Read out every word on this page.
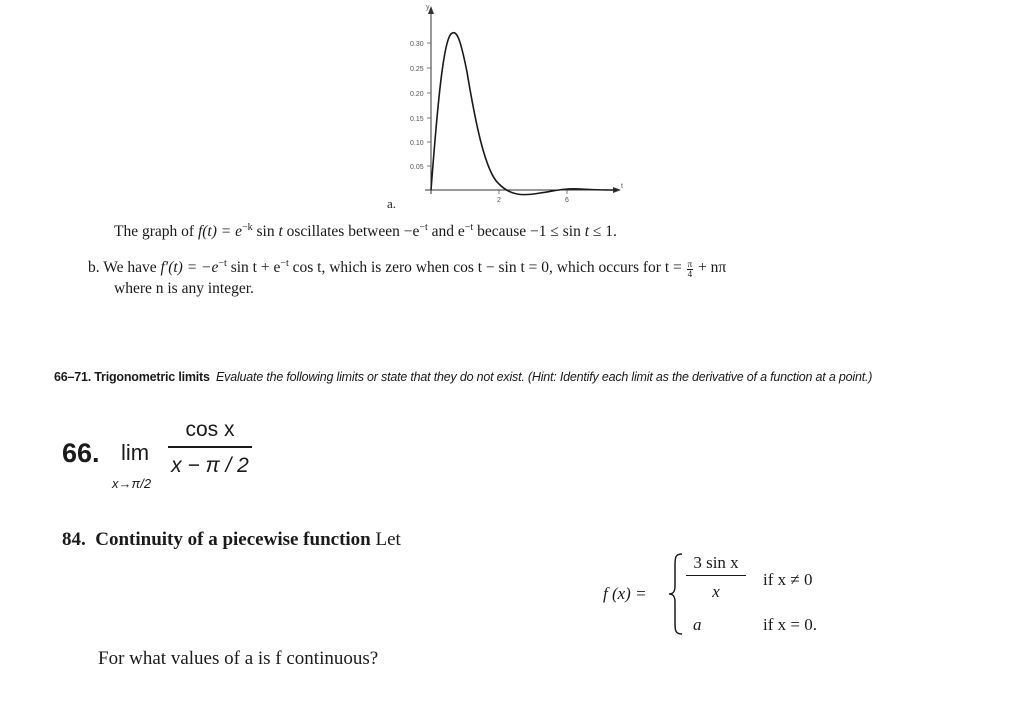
y
t
0.30
0.25
0.20
0.15
0.10
0.05
2	6
a.
The graph of $f(t) = e^{-k}$ sin t oscillates between $-e^{-t}$ and $e^{-t}$ because −1 ≤ sin t ≤ 1.
b. We have $f'(t) = -e^{-t}$ $\sin t + e^{-t}$ cos t, which is zero when cos t − sin t = 0, which occurs for $t = \frac{\pi}{4} + n\pi$
where n is any integer.
66–71. Trigonometric limits Evaluate the following limits or state that they do not exist. (Hint: Identify each limit as the derivative of a function at a point.)
66. lim
x→π/2
cos x
x − π / 2
84. Continuity of a piecewise function Let
f (x) =
3 sin x
x
a
if x ≠ 0
if x = 0.
For what values of a is f continuous?
